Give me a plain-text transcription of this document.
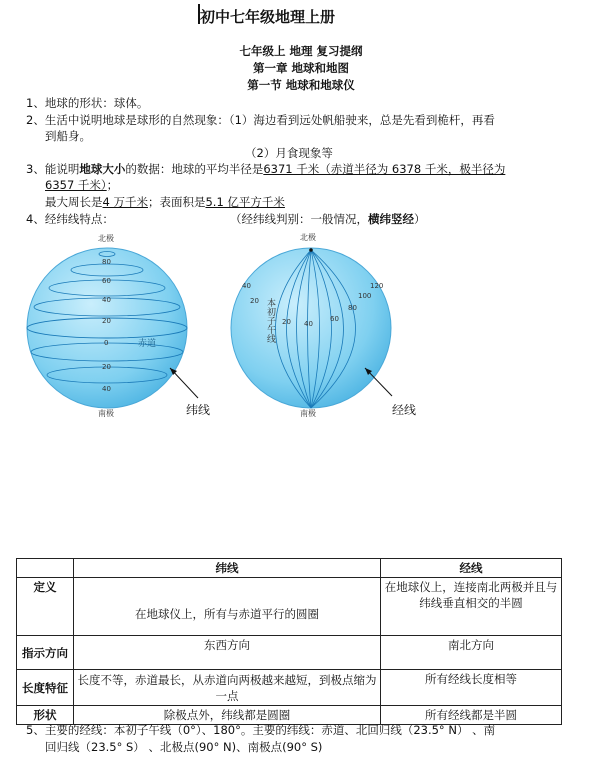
初中七年级地理上册
七年级上 地理 复习提纲
第一章 地球和地图
第一节 地球和地球仪
1、地球的形状：球体。
2、生活中说明地球是球形的自然现象：（1）海边看到远处帆船驶来，总是先看到桅杆，再看
到船身。
（2）月食现象等
3、能说明地球大小的数据：地球的平均半径是6371 千米（赤道半径为 6378 千米，极半径为
6357 千米）；
最大周长是4 万千米；表面积是5.1 亿平方千米
4、经纬线特点：	（经纬线判别：一般情况，横纬竖经）
北极
南极
赤道
80
60
40
20
0
20
40
纬线
北极
南极
40
20
20 40
60
80
100
120
本初子午线
经线
	纬线	经线
定义	在地球仪上，所有与赤道平行的圆圈	在地球仪上，连接南北两极并且与纬线垂直相交的半圆
指示方向	东西方向	南北方向
长度特征	长度不等，赤道最长，从赤道向两极越来越短，到极点缩为一点	所有经线长度相等
形状	除极点外，纬线都是圆圈	所有经线都是半圆
5、主要的经线：本初子午线（0°）、180°。主要的纬线：赤道、北回归线（23.5° N） 、南
回归线（23.5° S） 、北极点(90° N)、南极点(90° S)
